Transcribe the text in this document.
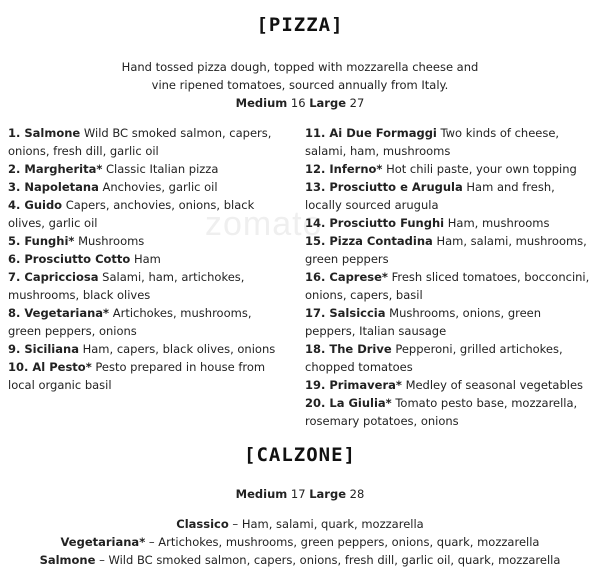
zomato
[PIZZA]
Hand tossed pizza dough, topped with mozzarella cheese and
vine ripened tomatoes, sourced annually from Italy.
Medium 16 Large 27

1. Salmone Wild BC smoked salmon, capers, onions, fresh dill, garlic oil

2. Margherita* Classic Italian pizza

3. Napoletana Anchovies, garlic oil

4. Guido Capers, anchovies, onions, black olives, garlic oil

5. Funghi* Mushrooms

6. Prosciutto Cotto Ham

7. Capricciosa Salami, ham, artichokes, mushrooms, black olives

8. Vegetariana* Artichokes, mushrooms, green peppers, onions

9. Siciliana Ham, capers, black olives, onions

10. Al Pesto* Pesto prepared in house from local organic basil

11. Ai Due Formaggi Two kinds of cheese, salami, ham, mushrooms

12. Inferno* Hot chili paste, your own topping

13. Prosciutto e Arugula Ham and fresh, locally sourced arugula

14. Prosciutto Funghi Ham, mushrooms

15. Pizza Contadina Ham, salami, mushrooms, green peppers

16. Caprese* Fresh sliced tomatoes, bocconcini, onions, capers, basil

17. Salsiccia Mushrooms, onions, green peppers, Italian sausage

18. The Drive Pepperoni, grilled artichokes, chopped tomatoes

19. Primavera* Medley of seasonal vegetables

20. La Giulia* Tomato pesto base, mozzarella, rosemary potatoes, onions

[CALZONE]
Medium 17 Large 28
Classico – Ham, salami, quark, mozzarella
Vegetariana* – Artichokes, mushrooms, green peppers, onions, quark, mozzarella
Salmone – Wild BC smoked salmon, capers, onions, fresh dill, garlic oil, quark, mozzarella
